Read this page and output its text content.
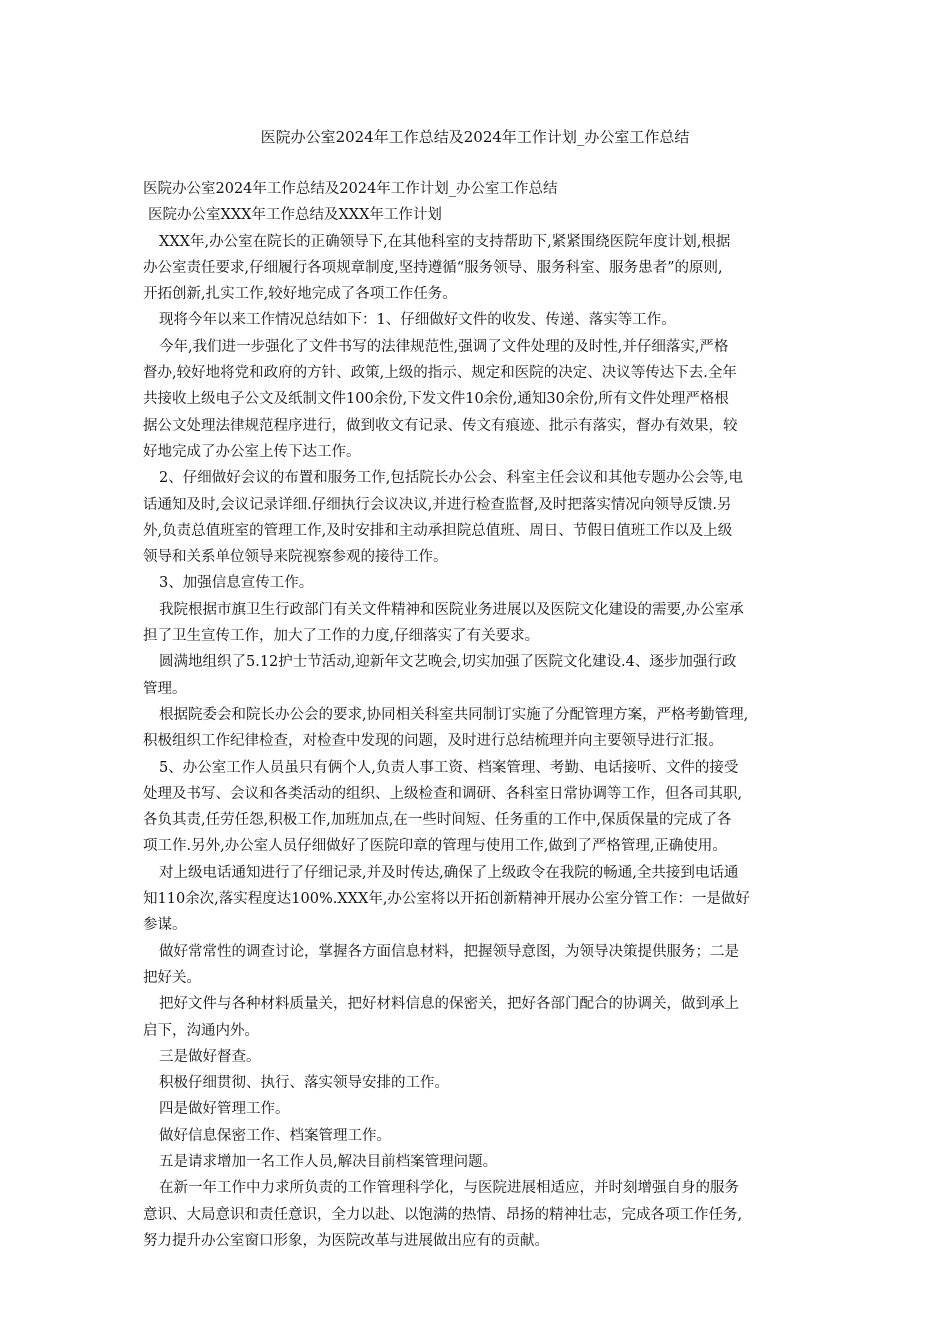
医院办公室2024年工作总结及2024年工作计划_办公室工作总结
医院办公室2024年工作总结及2024年工作计划_办公室工作总结
医院办公室XXX年工作总结及XXX年工作计划
XXX年,办公室在院长的正确领导下,在其他科室的支持帮助下,紧紧围绕医院年度计划,根据
办公室责任要求,仔细履行各项规章制度,坚持遵循“服务领导、服务科室、服务患者”的原则,
开拓创新,扎实工作,较好地完成了各项工作任务。
现将今年以来工作情况总结如下：1、仔细做好文件的收发、传递、落实等工作。
今年,我们进一步强化了文件书写的法律规范性,强调了文件处理的及时性,并仔细落实,严格
督办,较好地将党和政府的方针、政策,上级的指示、规定和医院的决定、决议等传达下去.全年
共接收上级电子公文及纸制文件100余份,下发文件10余份,通知30余份,所有文件处理严格根
据公文处理法律规范程序进行，做到收文有记录、传文有痕迹、批示有落实，督办有效果，较
好地完成了办公室上传下达工作。
2、仔细做好会议的布置和服务工作,包括院长办公会、科室主任会议和其他专题办公会等,电
话通知及时,会议记录详细.仔细执行会议决议,并进行检查监督,及时把落实情况向领导反馈.另
外,负责总值班室的管理工作,及时安排和主动承担院总值班、周日、节假日值班工作以及上级
领导和关系单位领导来院视察参观的接待工作。
3、加强信息宣传工作。
我院根据市旗卫生行政部门有关文件精神和医院业务进展以及医院文化建设的需要,办公室承
担了卫生宣传工作，加大了工作的力度,仔细落实了有关要求。
圆满地组织了5.12护士节活动,迎新年文艺晚会,切实加强了医院文化建设.4、逐步加强行政
管理。
根据院委会和院长办公会的要求,协同相关科室共同制订实施了分配管理方案，严格考勤管理,
积极组织工作纪律检查，对检查中发现的问题，及时进行总结梳理并向主要领导进行汇报。
5、办公室工作人员虽只有俩个人,负责人事工资、档案管理、考勤、电话接听、文件的接受
处理及书写、会议和各类活动的组织、上级检查和调研、各科室日常协调等工作，但各司其职,
各负其责,任劳任怨,积极工作,加班加点,在一些时间短、任务重的工作中,保质保量的完成了各
项工作.另外,办公室人员仔细做好了医院印章的管理与使用工作,做到了严格管理,正确使用。
对上级电话通知进行了仔细记录,并及时传达,确保了上级政令在我院的畅通,全共接到电话通
知110余次,落实程度达100%.XXX年,办公室将以开拓创新精神开展办公室分管工作：一是做好
参谋。
做好常常性的调查讨论，掌握各方面信息材料，把握领导意图，为领导决策提供服务；二是
把好关。
把好文件与各种材料质量关，把好材料信息的保密关，把好各部门配合的协调关，做到承上
启下，沟通内外。
三是做好督查。
积极仔细贯彻、执行、落实领导安排的工作。
四是做好管理工作。
做好信息保密工作、档案管理工作。
五是请求增加一名工作人员,解决目前档案管理问题。
在新一年工作中力求所负责的工作管理科学化，与医院进展相适应，并时刻增强自身的服务
意识、大局意识和责任意识，全力以赴、以饱满的热情、昂扬的精神壮志，完成各项工作任务,
努力提升办公室窗口形象，为医院改革与进展做出应有的贡献。
